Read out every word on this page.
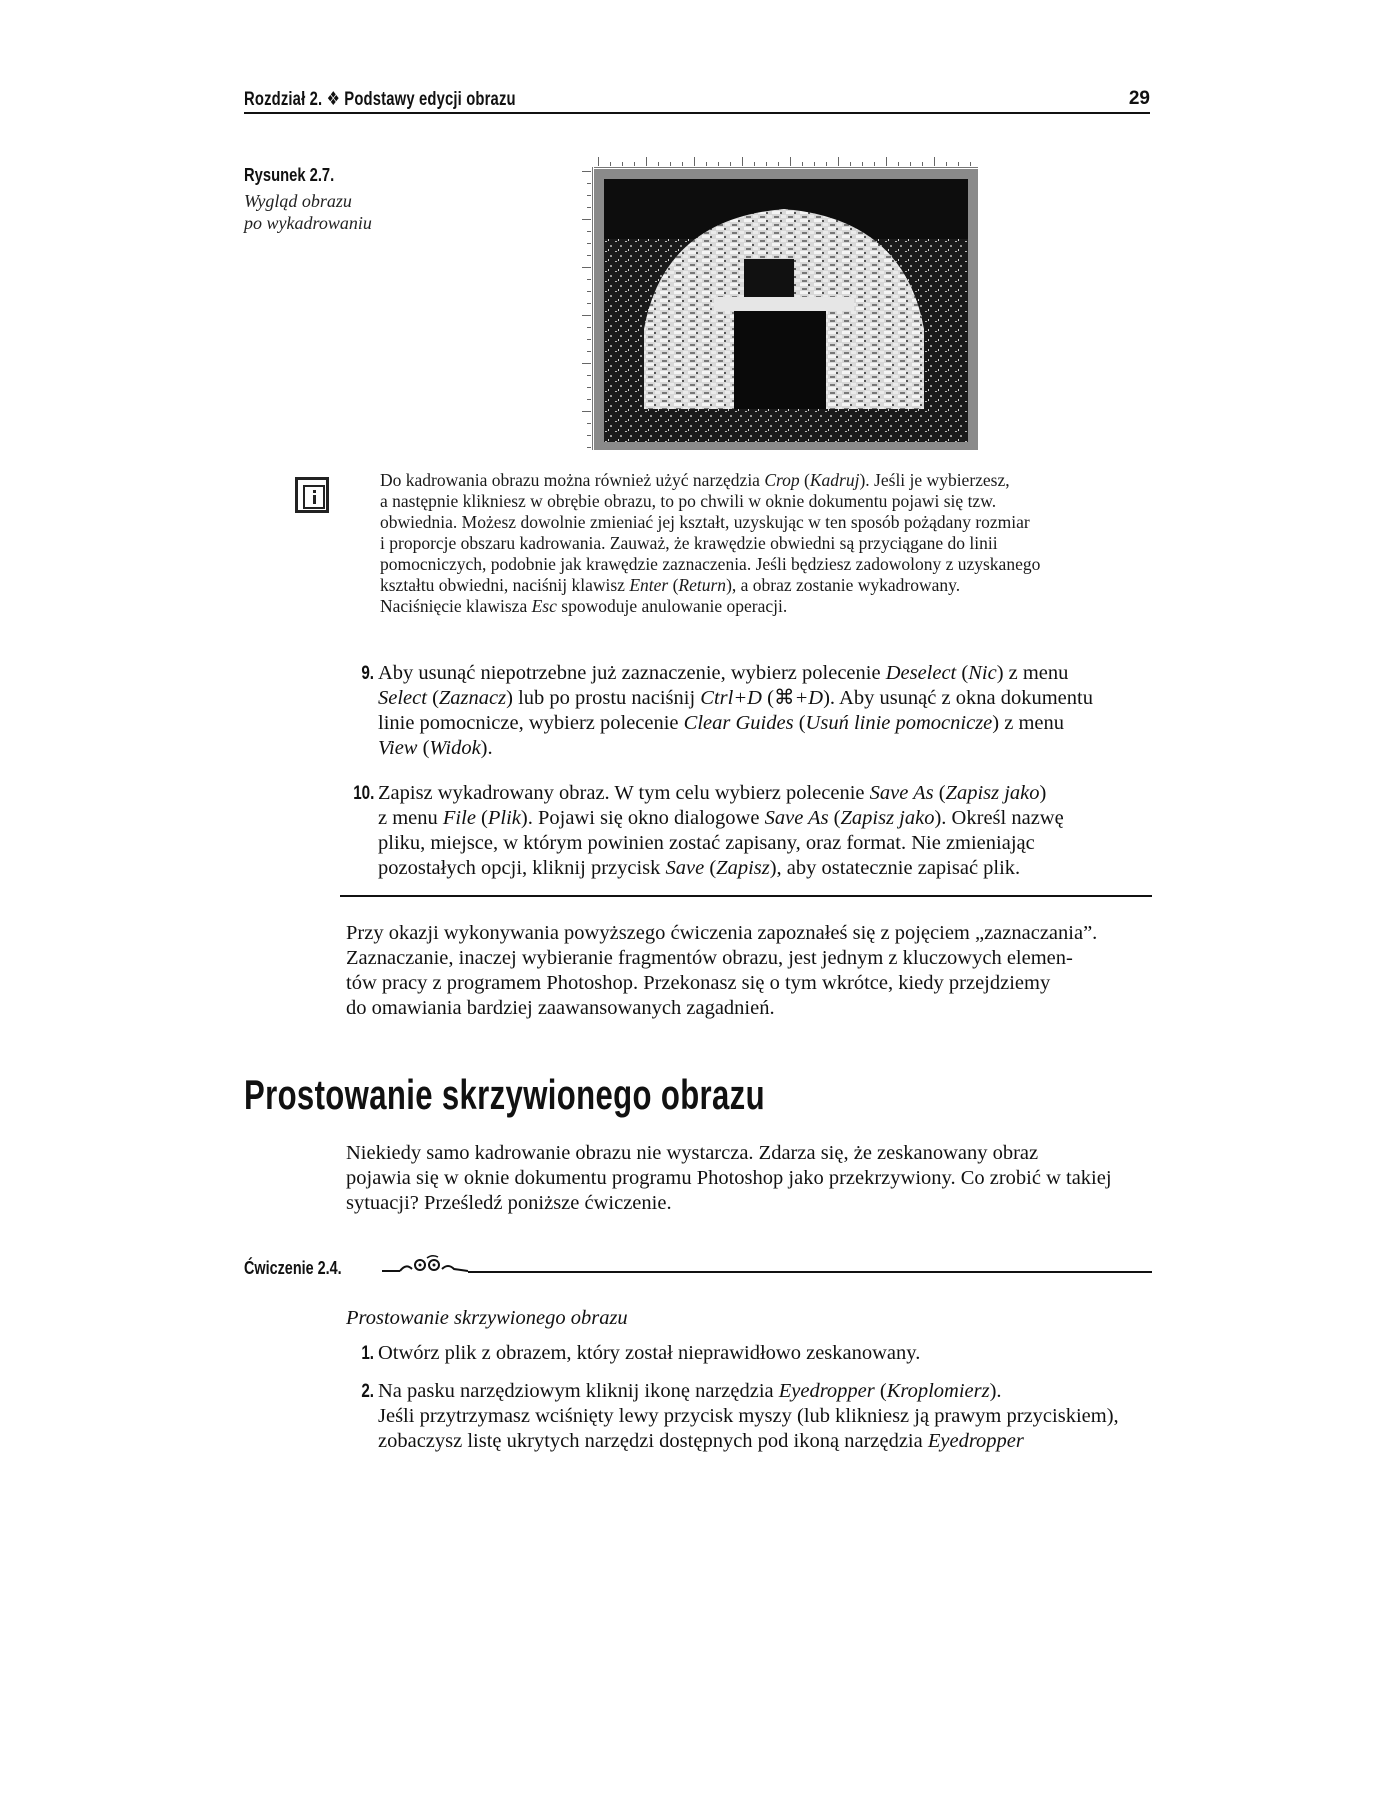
Rozdział 2. ❖ Podstawy edycji obrazu	29
Rysunek 2.7.
Wygląd obrazu
po wykadrowaniu
Do kadrowania obrazu można również użyć narzędzia Crop (Kadruj). Jeśli je wybierzesz,
a następnie klikniesz w obrębie obrazu, to po chwili w oknie dokumentu pojawi się tzw.
obwiednia. Możesz dowolnie zmieniać jej kształt, uzyskując w ten sposób pożądany rozmiar
i proporcje obszaru kadrowania. Zauważ, że krawędzie obwiedni są przyciągane do linii
pomocniczych, podobnie jak krawędzie zaznaczenia. Jeśli będziesz zadowolony z uzyskanego
kształtu obwiedni, naciśnij klawisz Enter (Return), a obraz zostanie wykadrowany.
Naciśnięcie klawisza Esc spowoduje anulowanie operacji.
9. Aby usunąć niepotrzebne już zaznaczenie, wybierz polecenie Deselect (Nic) z menu
Select (Zaznacz) lub po prostu naciśnij Ctrl+D (⌘+D). Aby usunąć z okna dokumentu
linie pomocnicze, wybierz polecenie Clear Guides (Usuń linie pomocnicze) z menu
View (Widok).
10. Zapisz wykadrowany obraz. W tym celu wybierz polecenie Save As (Zapisz jako)
z menu File (Plik). Pojawi się okno dialogowe Save As (Zapisz jako). Określ nazwę
pliku, miejsce, w którym powinien zostać zapisany, oraz format. Nie zmieniając
pozostałych opcji, kliknij przycisk Save (Zapisz), aby ostatecznie zapisać plik.
Przy okazji wykonywania powyższego ćwiczenia zapoznałeś się z pojęciem „zaznaczania”.
Zaznaczanie, inaczej wybieranie fragmentów obrazu, jest jednym z kluczowych elemen-
tów pracy z programem Photoshop. Przekonasz się o tym wkrótce, kiedy przejdziemy
do omawiania bardziej zaawansowanych zagadnień.
Prostowanie skrzywionego obrazu
Niekiedy samo kadrowanie obrazu nie wystarcza. Zdarza się, że zeskanowany obraz
pojawia się w oknie dokumentu programu Photoshop jako przekrzywiony. Co zrobić w takiej
sytuacji? Prześledź poniższe ćwiczenie.
Ćwiczenie 2.4.
Prostowanie skrzywionego obrazu
1. Otwórz plik z obrazem, który został nieprawidłowo zeskanowany.
2. Na pasku narzędziowym kliknij ikonę narzędzia Eyedropper (Kroplomierz).
Jeśli przytrzymasz wciśnięty lewy przycisk myszy (lub klikniesz ją prawym przyciskiem),
zobaczysz listę ukrytych narzędzi dostępnych pod ikoną narzędzia Eyedropper
